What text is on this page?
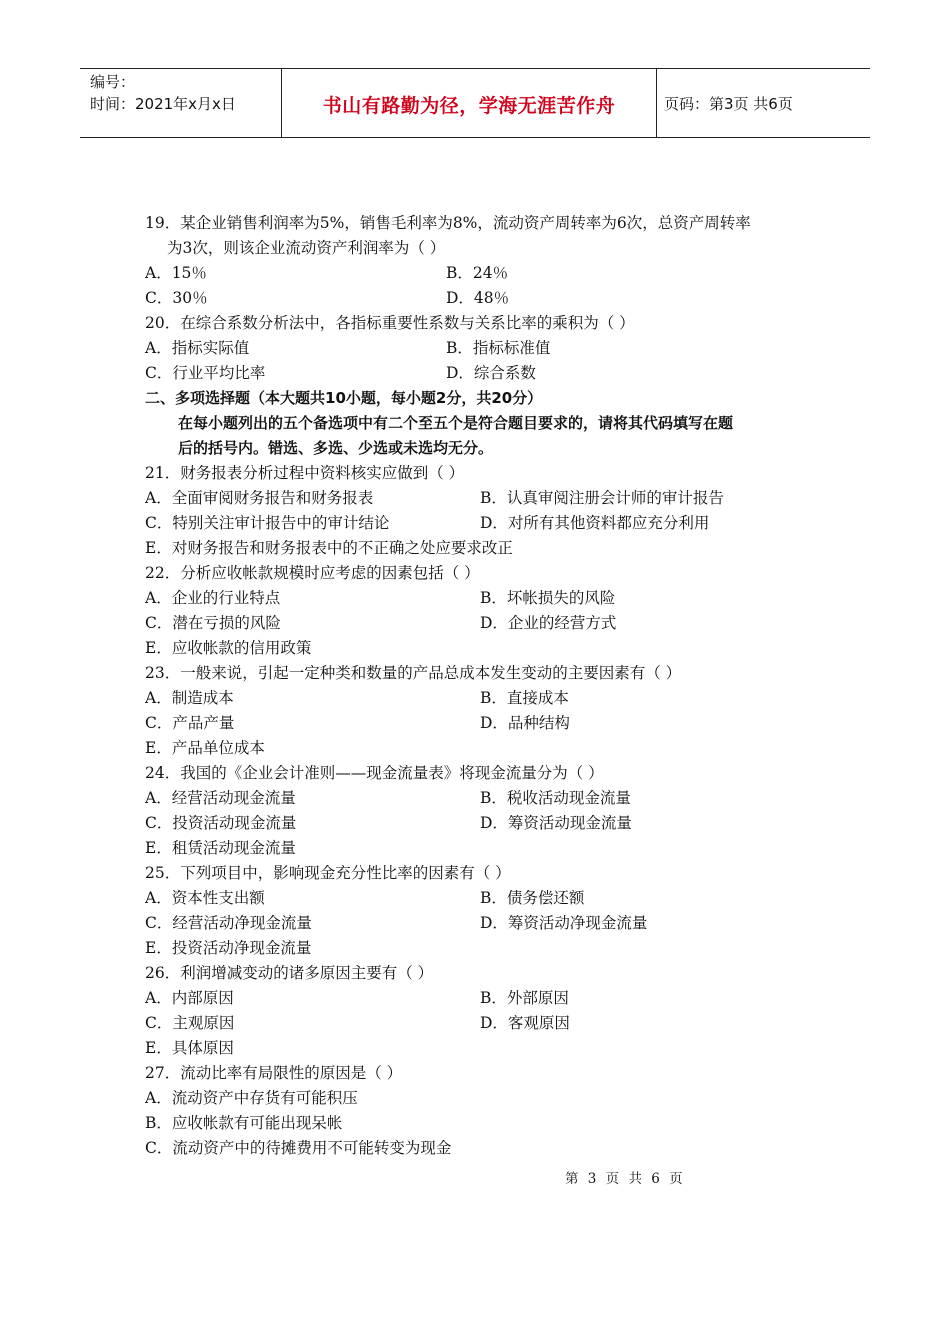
编号：
时间：2021年x月x日	书山有路勤为径，学海无涯苦作舟	页码：第3页 共6页
19．某企业销售利润率为5%，销售毛利率为8%，流动资产周转率为6次，总资产周转率
为3次，则该企业流动资产利润率为（ ）
A．15％	B．24％
C．30％	D．48％
20．在综合系数分析法中，各指标重要性系数与关系比率的乘积为（ ）
A．指标实际值	B．指标标准值
C．行业平均比率	D．综合系数
二、多项选择题（本大题共10小题，每小题2分，共20分）
在每小题列出的五个备选项中有二个至五个是符合题目要求的，请将其代码填写在题
后的括号内。错选、多选、少选或未选均无分。
21．财务报表分析过程中资料核实应做到（ ）
A．全面审阅财务报告和财务报表	B．认真审阅注册会计师的审计报告
C．特别关注审计报告中的审计结论	D．对所有其他资料都应充分利用
E．对财务报告和财务报表中的不正确之处应要求改正
22．分析应收帐款规模时应考虑的因素包括（ ）
A．企业的行业特点	B．坏帐损失的风险
C．潜在亏损的风险	D．企业的经营方式
E．应收帐款的信用政策
23．一般来说，引起一定种类和数量的产品总成本发生变动的主要因素有（ ）
A．制造成本	B．直接成本
C．产品产量	D．品种结构
E．产品单位成本
24．我国的《企业会计准则——现金流量表》将现金流量分为（ ）
A．经营活动现金流量	B．税收活动现金流量
C．投资活动现金流量	D．筹资活动现金流量
E．租赁活动现金流量
25．下列项目中，影响现金充分性比率的因素有（ ）
A．资本性支出额	B．债务偿还额
C．经营活动净现金流量	D．筹资活动净现金流量
E．投资活动净现金流量
26．利润增减变动的诸多原因主要有（ ）
A．内部原因	B．外部原因
C．主观原因	D．客观原因
E．具体原因
27．流动比率有局限性的原因是（ ）
A．流动资产中存货有可能积压
B．应收帐款有可能出现呆帐
C．流动资产中的待摊费用不可能转变为现金
第 3 页 共 6 页
